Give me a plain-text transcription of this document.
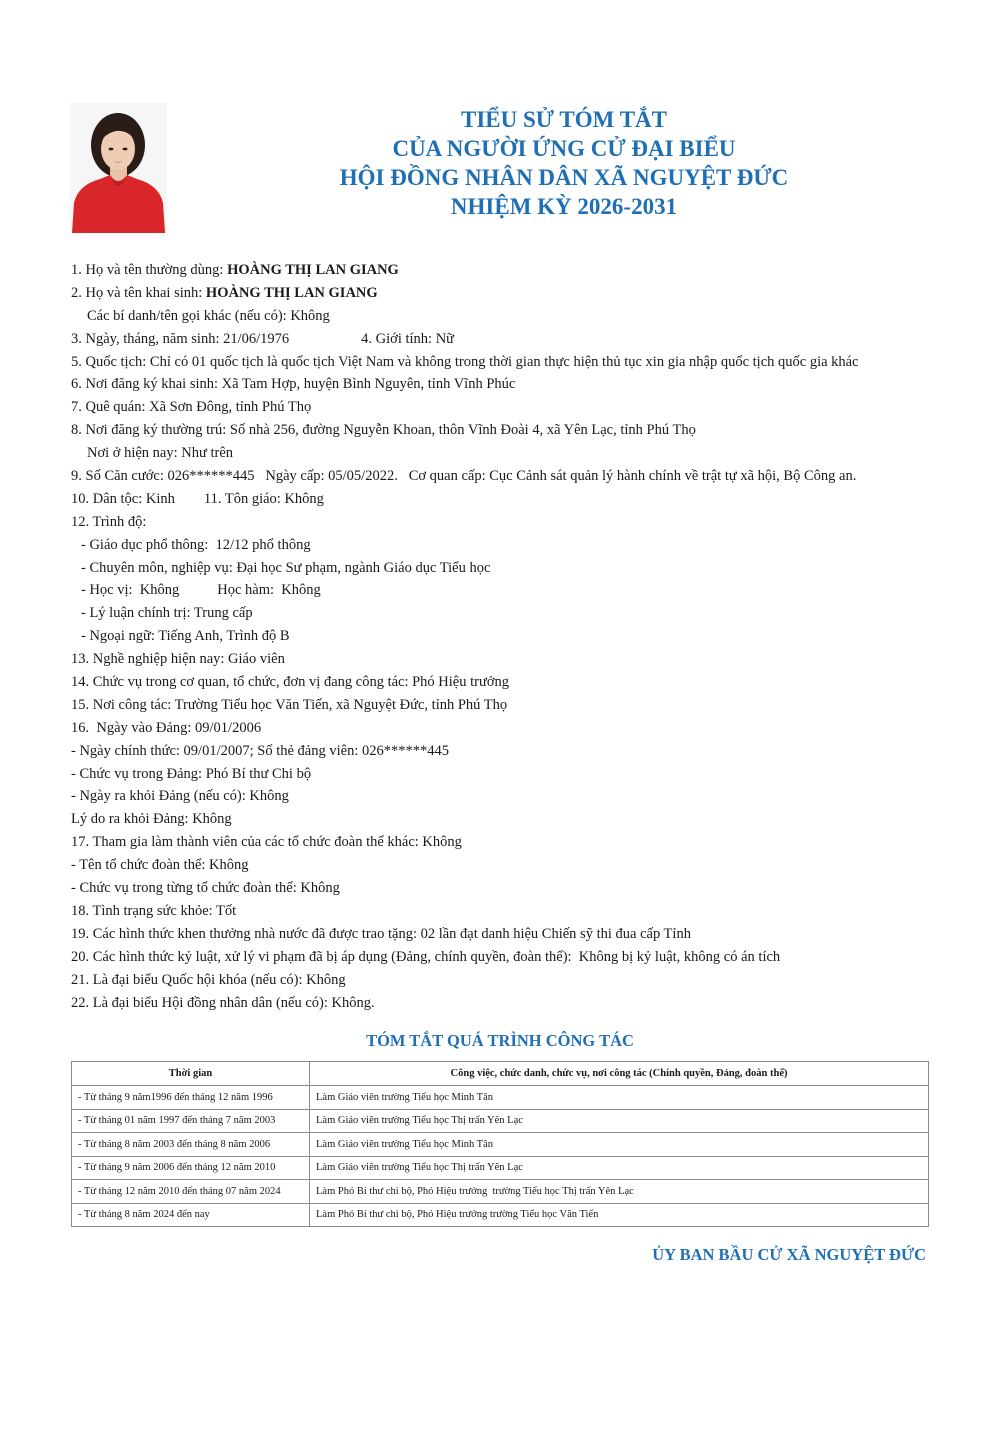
TIỂU SỬ TÓM TẮT
CỦA NGƯỜI ỨNG CỬ ĐẠI BIỂU
HỘI ĐỒNG NHÂN DÂN XÃ NGUYỆT ĐỨC
NHIỆM KỲ 2026-2031
1. Họ và tên thường dùng: HOÀNG THỊ LAN GIANG
2. Họ và tên khai sinh: HOÀNG THỊ LAN GIANG
Các bí danh/tên gọi khác (nếu có): Không
3. Ngày, tháng, năm sinh: 21/06/1976	4. Giới tính: Nữ
5. Quốc tịch: Chỉ có 01 quốc tịch là quốc tịch Việt Nam và không trong thời gian thực hiện thủ tục xin gia nhập quốc tịch quốc gia khác
6. Nơi đăng ký khai sinh: Xã Tam Hợp, huyện Bình Nguyên, tỉnh Vĩnh Phúc
7. Quê quán: Xã Sơn Đông, tỉnh Phú Thọ
8. Nơi đăng ký thường trú: Số nhà 256, đường Nguyễn Khoan, thôn Vĩnh Đoài 4, xã Yên Lạc, tỉnh Phú Thọ
Nơi ở hiện nay: Như trên
9. Số Căn cước: 026******445   Ngày cấp: 05/05/2022.   Cơ quan cấp: Cục Cảnh sát quản lý hành chính về trật tự xã hội, Bộ Công an.
10. Dân tộc: Kinh 11. Tôn giáo: Không
12. Trình độ:
- Giáo dục phổ thông:  12/12 phổ thông
- Chuyên môn, nghiệp vụ: Đại học Sư phạm, ngành Giáo dục Tiểu học
- Học vị:  Không	Học hàm:  Không
- Lý luận chính trị: Trung cấp
- Ngoại ngữ: Tiếng Anh, Trình độ B
13. Nghề nghiệp hiện nay: Giáo viên
14. Chức vụ trong cơ quan, tổ chức, đơn vị đang công tác: Phó Hiệu trưởng
15. Nơi công tác: Trường Tiểu học Văn Tiến, xã Nguyệt Đức, tỉnh Phú Thọ
16.  Ngày vào Đảng: 09/01/2006
- Ngày chính thức: 09/01/2007; Số thẻ đảng viên: 026******445
- Chức vụ trong Đảng: Phó Bí thư Chi bộ
- Ngày ra khỏi Đảng (nếu có): Không
Lý do ra khỏi Đảng: Không
17. Tham gia làm thành viên của các tổ chức đoàn thể khác: Không
- Tên tổ chức đoàn thể: Không
- Chức vụ trong từng tổ chức đoàn thể: Không
18. Tình trạng sức khỏe: Tốt
19. Các hình thức khen thưởng nhà nước đã được trao tặng: 02 lần đạt danh hiệu Chiến sỹ thi đua cấp Tỉnh
20. Các hình thức kỷ luật, xử lý vi phạm đã bị áp dụng (Đảng, chính quyền, đoàn thể):  Không bị kỷ luật, không có án tích
21. Là đại biểu Quốc hội khóa (nếu có): Không
22. Là đại biểu Hội đồng nhân dân (nếu có): Không.
TÓM TẮT QUÁ TRÌNH CÔNG TÁC
Thời gian	Công việc, chức danh, chức vụ, nơi công tác (Chính quyền, Đảng, đoàn thể)
- Từ tháng 9 năm1996 đến tháng 12 năm 1996	Làm Giáo viên trường Tiểu học Minh Tân
- Từ tháng 01 năm 1997 đến tháng 7 năm 2003	Làm Giáo viên trường Tiểu học Thị trấn Yên Lạc
- Từ tháng 8 năm 2003 đến tháng 8 năm 2006	Làm Giáo viên trường Tiểu học Minh Tân
- Từ tháng 9 năm 2006 đến tháng 12 năm 2010	Làm Giáo viên trường Tiểu học Thị trấn Yên Lạc
- Từ tháng 12 năm 2010 đến tháng 07 năm 2024	Làm Phó Bí thư chi bộ, Phó Hiệu trưởng  trường Tiểu học Thị trấn Yên Lạc
- Từ tháng 8 năm 2024 đến nay	Làm Phó Bí thư chi bộ, Phó Hiệu trưởng trường Tiểu học Văn Tiến
ỦY BAN BẦU CỬ XÃ NGUYỆT ĐỨC
